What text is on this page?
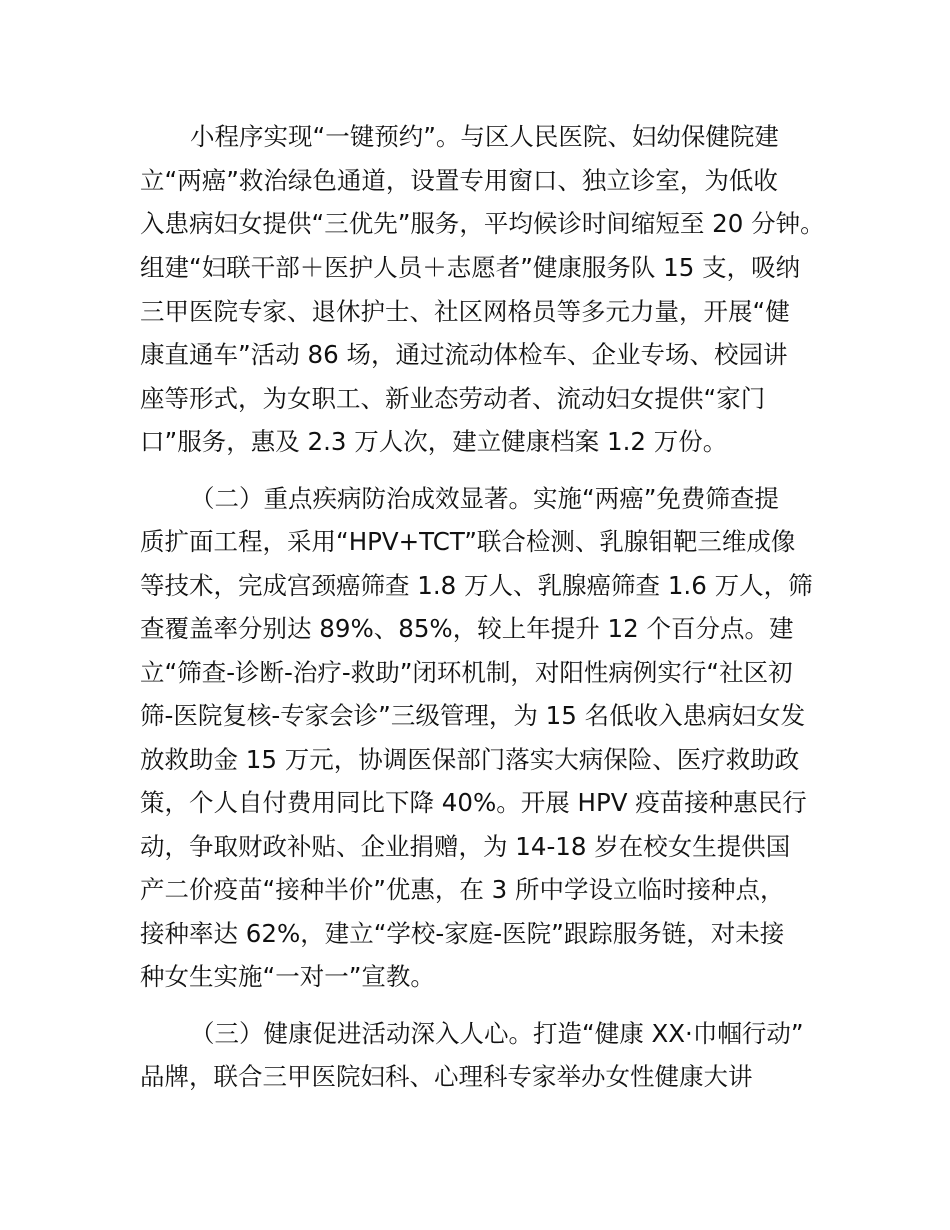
小程序实现“一键预约”。与区人民医院、妇幼保健院建
立“两癌”救治绿色通道，设置专用窗口、独立诊室，为低收
入患病妇女提供“三优先”服务，平均候诊时间缩短至 20 分钟。
组建“妇联干部＋医护人员＋志愿者”健康服务队 15 支，吸纳
三甲医院专家、退休护士、社区网格员等多元力量，开展“健
康直通车”活动 86 场，通过流动体检车、企业专场、校园讲
座等形式，为女职工、新业态劳动者、流动妇女提供“家门
口”服务，惠及 2.3 万人次，建立健康档案 1.2 万份。
（二）重点疾病防治成效显著。实施“两癌”免费筛查提
质扩面工程，采用“HPV+TCT”联合检测、乳腺钼靶三维成像
等技术，完成宫颈癌筛查 1.8 万人、乳腺癌筛查 1.6 万人，筛
查覆盖率分别达 89%、85%，较上年提升 12 个百分点。建
立“筛查-诊断-治疗-救助”闭环机制，对阳性病例实行“社区初
筛-医院复核-专家会诊”三级管理，为 15 名低收入患病妇女发
放救助金 15 万元，协调医保部门落实大病保险、医疗救助政
策，个人自付费用同比下降 40%。开展 HPV 疫苗接种惠民行
动，争取财政补贴、企业捐赠，为 14-18 岁在校女生提供国
产二价疫苗“接种半价”优惠，在 3 所中学设立临时接种点，
接种率达 62%，建立“学校-家庭-医院”跟踪服务链，对未接
种女生实施“一对一”宣教。
（三）健康促进活动深入人心。打造“健康 XX·巾帼行动”
品牌，联合三甲医院妇科、心理科专家举办女性健康大讲
